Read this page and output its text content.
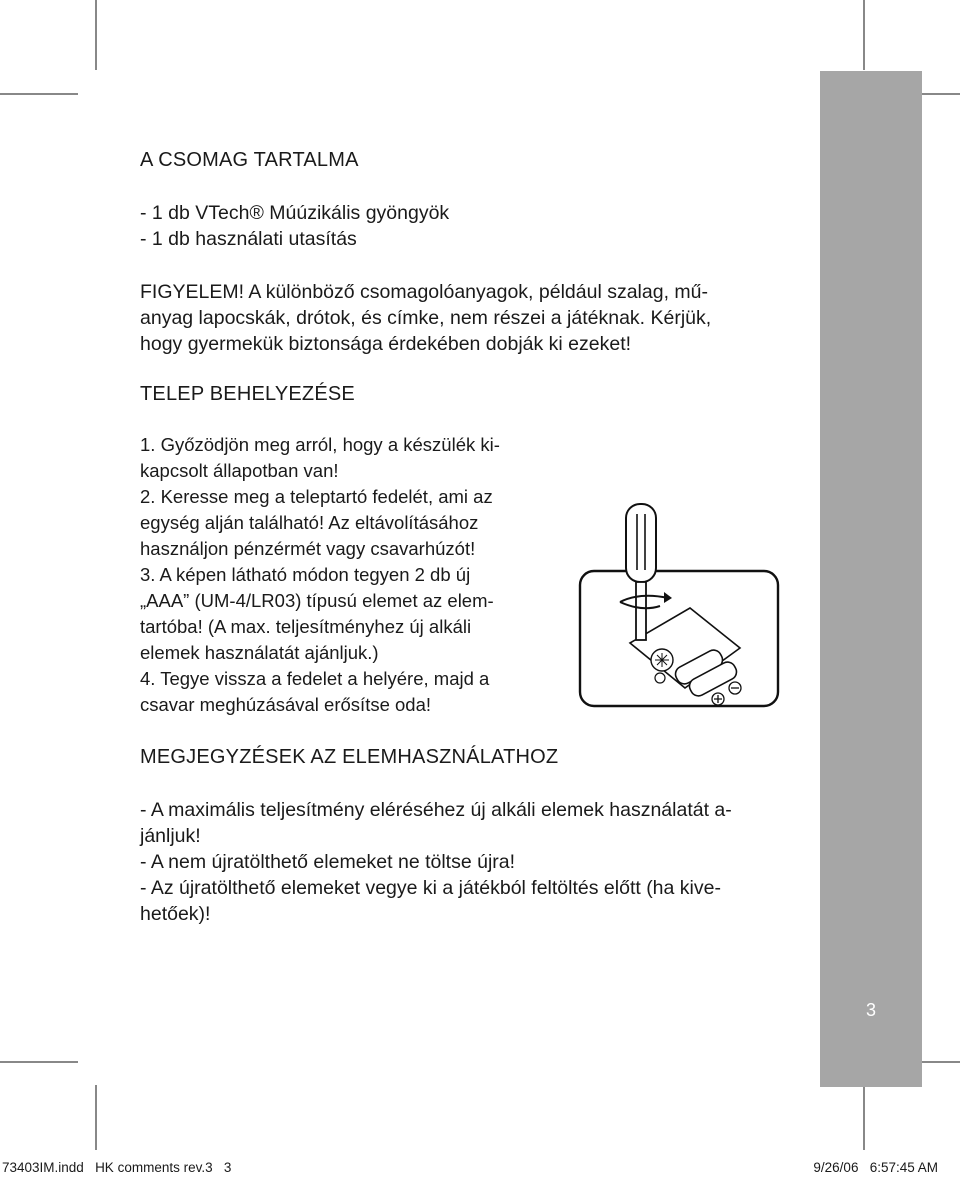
3
A CSOMAG TARTALMA
- 1 db VTech® Múúzikális gyöngyök
- 1 db használati utasítás
FIGYELEM! A különböző csomagolóanyagok, például szalag, mű-
anyag lapocskák, drótok, és címke, nem részei a játéknak. Kérjük,
hogy gyermekük biztonsága érdekében dobják ki ezeket!
TELEP BEHELYEZÉSE
1. Győzödjön meg arról, hogy a készülék ki-
kapcsolt állapotban van!
2. Keresse meg a teleptartó fedelét, ami az
egység alján található! Az eltávolításához
használjon pénzérmét vagy csavarhúzót!
3. A képen látható módon tegyen 2 db új
„AAA” (UM-4/LR03) típusú elemet az elem-
tartóba! (A max. teljesítményhez új alkáli
elemek használatát ajánljuk.)
4. Tegye vissza a fedelet a helyére, majd a
csavar meghúzásával erősítse oda!
MEGJEGYZÉSEK AZ ELEMHASZNÁLATHOZ
- A maximális teljesítmény eléréséhez új alkáli elemek használatát a-
jánljuk!
- A nem újratölthető elemeket ne töltse újra!
- Az újratölthető elemeket vegye ki a játékból feltöltés előtt (ha kive-
hetőek)!
73403IM.indd   HK comments rev.3   3	9/26/06   6:57:45 AM
